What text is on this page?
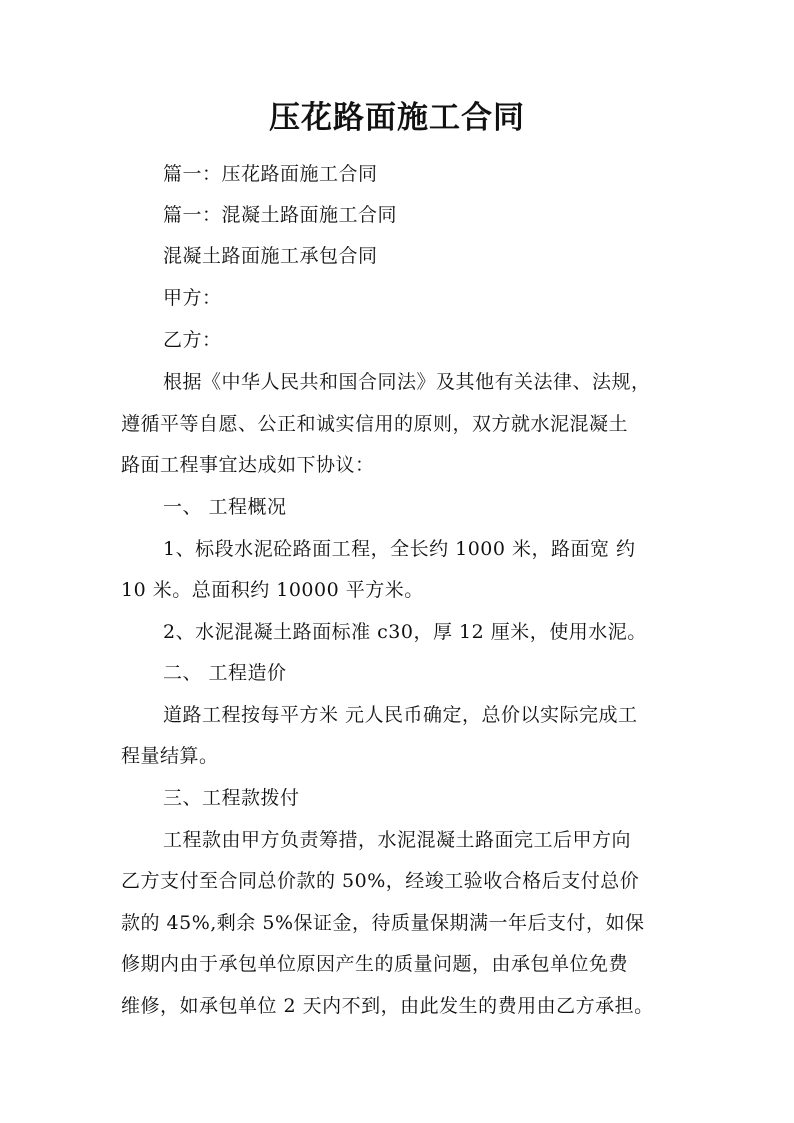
压花路面施工合同
篇一：压花路面施工合同
篇一：混凝土路面施工合同
混凝土路面施工承包合同
甲方：
乙方：
根据《中华人民共和国合同法》及其他有关法律、法规，
遵循平等自愿、公正和诚实信用的原则，双方就水泥混凝土
路面工程事宜达成如下协议：
一、 工程概况
1、标段水泥砼路面工程，全长约 1000 米，路面宽 约
10 米。总面积约 10000 平方米。
2、水泥混凝土路面标准 c30，厚 12 厘米，使用水泥。
二、 工程造价
道路工程按每平方米 元人民币确定，总价以实际完成工
程量结算。
三、工程款拨付
工程款由甲方负责筹措，水泥混凝土路面完工后甲方向
乙方支付至合同总价款的 50%，经竣工验收合格后支付总价
款的 45%,剩余 5%保证金，待质量保期满一年后支付，如保
修期内由于承包单位原因产生的质量问题，由承包单位免费
维修，如承包单位 2 天内不到，由此发生的费用由乙方承担。
